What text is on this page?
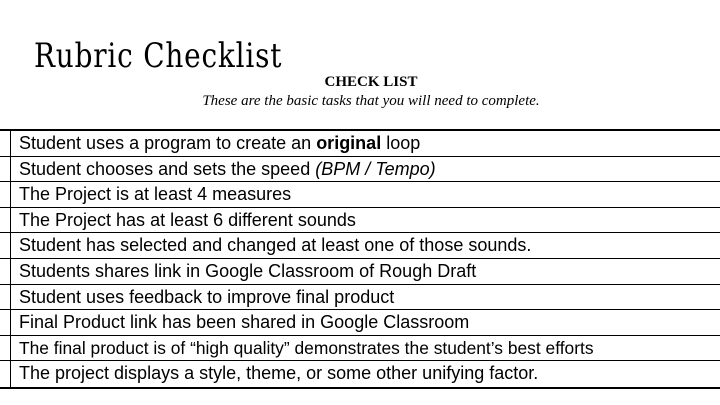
Rubric Checklist
CHECK LIST
These are the basic tasks that you will need to complete.
Student uses a program to create an original loop
Student chooses and sets the speed (BPM / Tempo)
The Project is at least 4 measures
The Project has at least 6 different sounds
Student has selected and changed at least one of those sounds.
Students shares link in Google Classroom of Rough Draft
Student uses feedback to improve final product
Final Product link has been shared in Google Classroom
The final product is of “high quality” demonstrates the student’s best efforts
The project displays a style, theme, or some other unifying factor.
